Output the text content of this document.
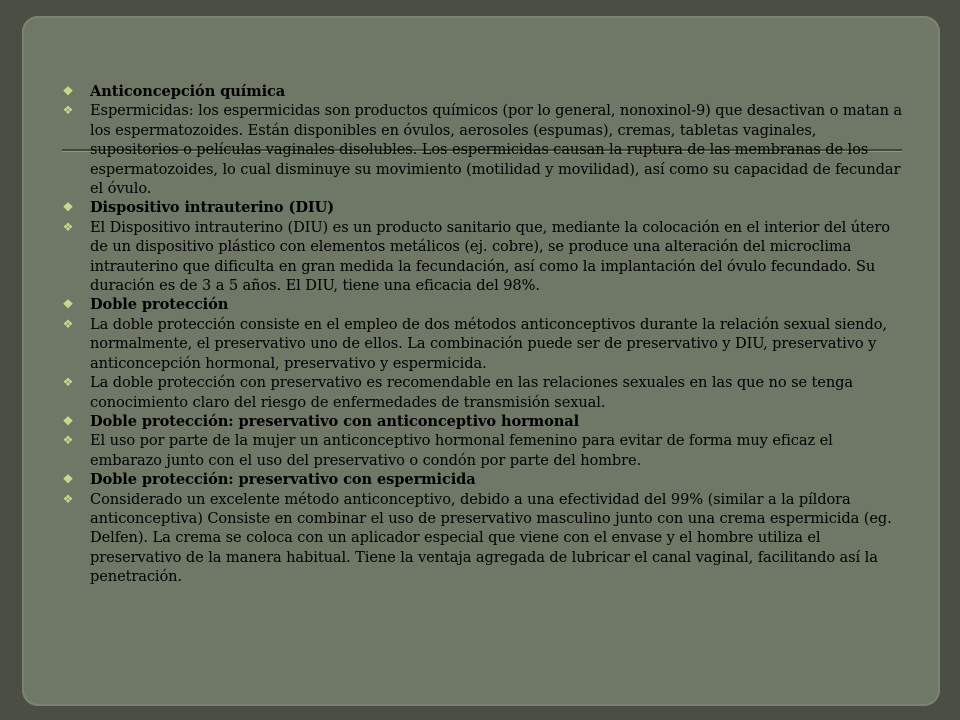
❖	Anticoncepción química
❖	Espermicidas: los espermicidas son productos químicos (por lo general, nonoxinol-9) que desactivan o matan a los espermatozoides. Están disponibles en óvulos, aerosoles (espumas), cremas, tabletas vaginales, supositorios o películas vaginales disolubles. Los espermicidas causan la ruptura de las membranas de los espermatozoides, lo cual disminuye su movimiento (motilidad y movilidad), así como su capacidad de fecundar el óvulo.
❖	Dispositivo intrauterino (DIU)
❖	El Dispositivo intrauterino (DIU) es un producto sanitario que, mediante la colocación en el interior del útero de un dispositivo plástico con elementos metálicos (ej. cobre), se produce una alteración del microclima intrauterino que dificulta en gran medida la fecundación, así como la implantación del óvulo fecundado. Su duración es de 3 a 5 años. El DIU, tiene una eficacia del 98%.
❖	Doble protección
❖	La doble protección consiste en el empleo de dos métodos anticonceptivos durante la relación sexual siendo, normalmente, el preservativo uno de ellos. La combinación puede ser de preservativo y DIU, preservativo y anticoncepción hormonal, preservativo y espermicida.
❖	La doble protección con preservativo es recomendable en las relaciones sexuales en las que no se tenga conocimiento claro del riesgo de enfermedades de transmisión sexual.
❖	Doble protección: preservativo con anticonceptivo hormonal
❖	El uso por parte de la mujer un anticonceptivo hormonal femenino para evitar de forma muy eficaz el embarazo junto con el uso del preservativo o condón por parte del hombre.
❖	Doble protección: preservativo con espermicida
❖	Considerado un excelente método anticonceptivo, debido a una efectividad del 99% (similar a la píldora anticonceptiva) Consiste en combinar el uso de preservativo masculino junto con una crema espermicida (eg. Delfen). La crema se coloca con un aplicador especial que viene con el envase y el hombre utiliza el preservativo de la manera habitual. Tiene la ventaja agregada de lubricar el canal vaginal, facilitando así la penetración.
